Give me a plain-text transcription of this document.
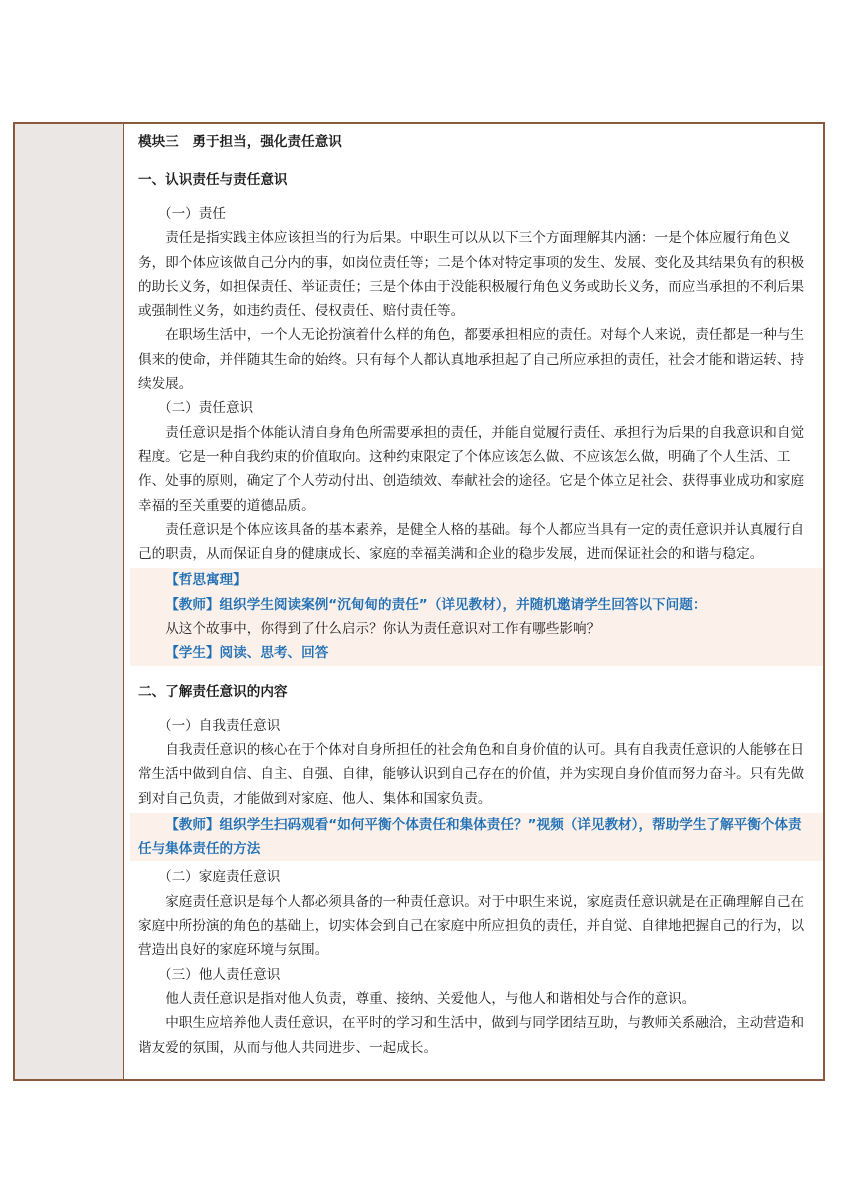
模块三　勇于担当，强化责任意识

一、认识责任与责任意识

（一）责任

责任是指实践主体应该担当的行为后果。中职生可以从以下三个方面理解其内涵：一是个体应履行角色义务，即个体应该做自己分内的事，如岗位责任等；二是个体对特定事项的发生、发展、变化及其结果负有的积极的助长义务，如担保责任、举证责任；三是个体由于没能积极履行角色义务或助长义务，而应当承担的不利后果或强制性义务，如违约责任、侵权责任、赔付责任等。

在职场生活中，一个人无论扮演着什么样的角色，都要承担相应的责任。对每个人来说，责任都是一种与生俱来的使命，并伴随其生命的始终。只有每个人都认真地承担起了自己所应承担的责任，社会才能和谐运转、持续发展。

（二）责任意识

责任意识是指个体能认清自身角色所需要承担的责任，并能自觉履行责任、承担行为后果的自我意识和自觉程度。它是一种自我约束的价值取向。这种约束限定了个体应该怎么做、不应该怎么做，明确了个人生活、工作、处事的原则，确定了个人劳动付出、创造绩效、奉献社会的途径。它是个体立足社会、获得事业成功和家庭幸福的至关重要的道德品质。

责任意识是个体应该具备的基本素养，是健全人格的基础。每个人都应当具有一定的责任意识并认真履行自己的职责，从而保证自身的健康成长、家庭的幸福美满和企业的稳步发展，进而保证社会的和谐与稳定。

【哲思寓理】

【教师】组织学生阅读案例“沉甸甸的责任”（详见教材），并随机邀请学生回答以下问题：

从这个故事中，你得到了什么启示？你认为责任意识对工作有哪些影响？

【学生】阅读、思考、回答

二、了解责任意识的内容

（一）自我责任意识

自我责任意识的核心在于个体对自身所担任的社会角色和自身价值的认可。具有自我责任意识的人能够在日常生活中做到自信、自主、自强、自律，能够认识到自己存在的价值，并为实现自身价值而努力奋斗。只有先做到对自己负责，才能做到对家庭、他人、集体和国家负责。

【教师】组织学生扫码观看“如何平衡个体责任和集体责任？”视频（详见教材），帮助学生了解平衡个体责任与集体责任的方法

（二）家庭责任意识

家庭责任意识是每个人都必须具备的一种责任意识。对于中职生来说，家庭责任意识就是在正确理解自己在家庭中所扮演的角色的基础上，切实体会到自己在家庭中所应担负的责任，并自觉、自律地把握自己的行为，以营造出良好的家庭环境与氛围。

（三）他人责任意识

他人责任意识是指对他人负责，尊重、接纳、关爱他人，与他人和谐相处与合作的意识。

中职生应培养他人责任意识，在平时的学习和生活中，做到与同学团结互助，与教师关系融洽，主动营造和谐友爱的氛围，从而与他人共同进步、一起成长。
